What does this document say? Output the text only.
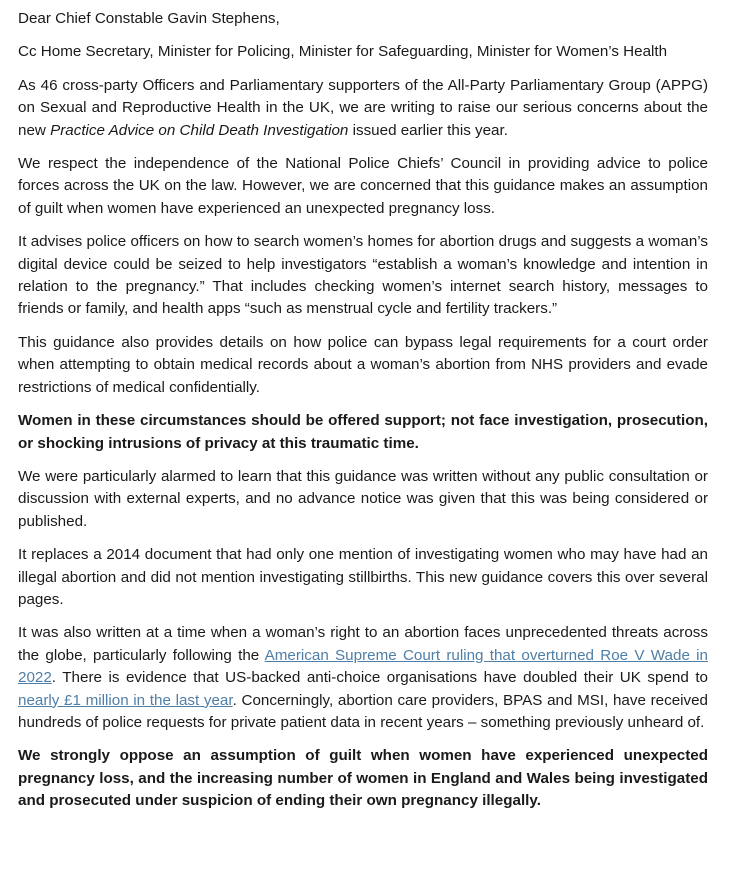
Dear Chief Constable Gavin Stephens,

Cc Home Secretary, Minister for Policing, Minister for Safeguarding, Minister for Women’s Health

As 46 cross-party Officers and Parliamentary supporters of the All-Party Parliamentary Group (APPG) on Sexual and Reproductive Health in the UK, we are writing to raise our serious concerns about the new Practice Advice on Child Death Investigation issued earlier this year.

We respect the independence of the National Police Chiefs’ Council in providing advice to police forces across the UK on the law. However, we are concerned that this guidance makes an assumption of guilt when women have experienced an unexpected pregnancy loss.

It advises police officers on how to search women’s homes for abortion drugs and suggests a woman’s digital device could be seized to help investigators “establish a woman’s knowledge and intention in relation to the pregnancy.” That includes checking women’s internet search history, messages to friends or family, and health apps “such as menstrual cycle and fertility trackers.”

This guidance also provides details on how police can bypass legal requirements for a court order when attempting to obtain medical records about a woman’s abortion from NHS providers and evade restrictions of medical confidentially.

Women in these circumstances should be offered support; not face investigation, prosecution, or shocking intrusions of privacy at this traumatic time.

We were particularly alarmed to learn that this guidance was written without any public consultation or discussion with external experts, and no advance notice was given that this was being considered or published.

It replaces a 2014 document that had only one mention of investigating women who may have had an illegal abortion and did not mention investigating stillbirths. This new guidance covers this over several pages.

It was also written at a time when a woman’s right to an abortion faces unprecedented threats across the globe, particularly following the American Supreme Court ruling that overturned Roe V Wade in 2022. There is evidence that US-backed anti-choice organisations have doubled their UK spend to nearly £1 million in the last year. Concerningly, abortion care providers, BPAS and MSI, have received hundreds of police requests for private patient data in recent years – something previously unheard of.

We strongly oppose an assumption of guilt when women have experienced unexpected pregnancy loss, and the increasing number of women in England and Wales being investigated and prosecuted under suspicion of ending their own pregnancy illegally.
